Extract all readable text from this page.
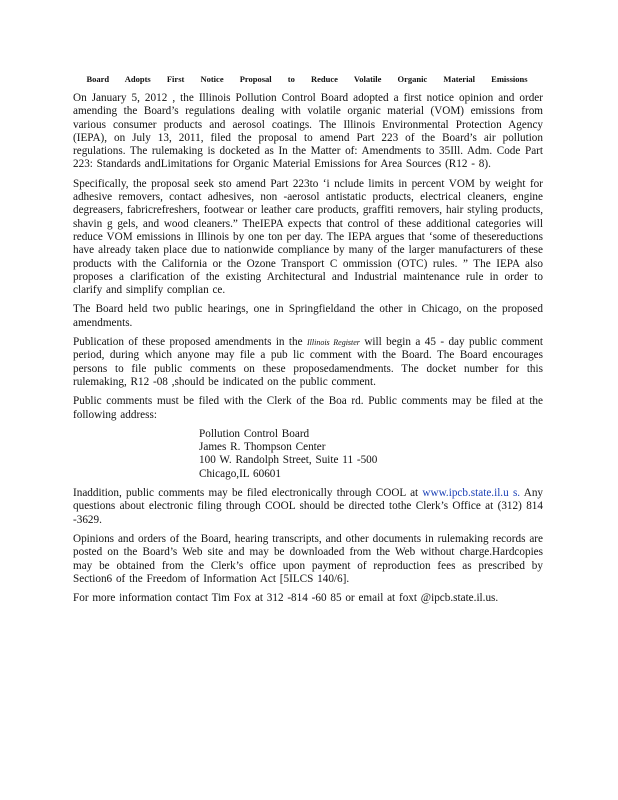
Board Adopts First Notice Proposal to Reduce Volatile Organic Material Emissions

On January 5, 2012 , the Illinois Pollution Control Board adopted a first notice opinion and order amending the Board’s regulations dealing with volatile organic material (VOM) emissions from various consumer products and aerosol coatings. The Illinois Environmental Protection Agency (IEPA), on July 13, 2011, filed the proposal to amend Part 223 of the Board’s air pollution regulations. The rulemaking is docketed as In the Matter of: Amendments to 35Ill. Adm. Code Part 223: Standards andLimitations for Organic Material Emissions for Area Sources (R12 - 8).

Specifically, the proposal seek sto amend Part 223to ‘i nclude limits in percent VOM by weight for adhesive removers, contact adhesives, non -aerosol antistatic products, electrical cleaners, engine degreasers, fabricrefreshers, footwear or leather care products, graffiti removers, hair styling products, shavin g gels, and wood cleaners.” TheIEPA expects that control of these additional categories will reduce VOM emissions in Illinois by one ton per day. The IEPA argues that ‘some of thesereductions have already taken place due to nationwide compliance by many of the larger manufacturers of these products with the California or the Ozone Transport C ommission (OTC) rules. ” The IEPA also proposes a clarification of the existing Architectural and Industrial maintenance rule in order to clarify and simplify complian ce.

The Board held two public hearings, one in Springfieldand the other in Chicago, on the proposed amendments.

Publication of these proposed amendments in the Illinois Register will begin a 45 - day public comment period, during which anyone may file a pub lic comment with the Board. The Board encourages persons to file public comments on these proposedamendments. The docket number for this rulemaking, R12 -08 ,should be indicated on the public comment.

Public comments must be filed with the Clerk of the Boa rd. Public comments may be filed at the following address:

Pollution Control Board
James R. Thompson Center
100 W. Randolph Street, Suite 11 -500
Chicago,IL 60601

Inaddition, public comments may be filed electronically through COOL at www.ipcb.state.il.u s. Any questions about electronic filing through COOL should be directed tothe Clerk’s Office at (312) 814 -3629.

Opinions and orders of the Board, hearing transcripts, and other documents in rulemaking records are posted on the Board’s Web site and may be downloaded from the Web without charge.Hardcopies may be obtained from the Clerk’s office upon payment of reproduction fees as prescribed by Section6 of the Freedom of Information Act [5ILCS 140/6].

For more information contact Tim Fox at 312 -814 -60 85 or email at foxt @ipcb.state.il.us.
